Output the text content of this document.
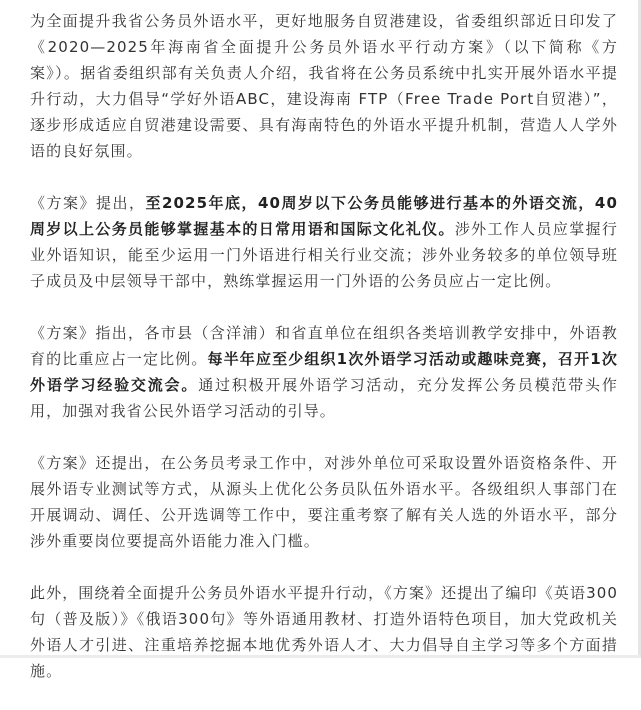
为全面提升我省公务员外语水平，更好地服务自贸港建设，省委组织部近日印发了《2020—2025年海南省全面提升公务员外语水平行动方案》（以下简称《方案》）。据省委组织部有关负责人介绍，我省将在公务员系统中扎实开展外语水平提升行动，大力倡导“学好外语ABC，建设海南 FTP（Free Trade Port自贸港）”，逐步形成适应自贸港建设需要、具有海南特色的外语水平提升机制，营造人人学外语的良好氛围。

《方案》提出，至2025年底，40周岁以下公务员能够进行基本的外语交流，40周岁以上公务员能够掌握基本的日常用语和国际文化礼仪。涉外工作人员应掌握行业外语知识，能至少运用一门外语进行相关行业交流；涉外业务较多的单位领导班子成员及中层领导干部中，熟练掌握运用一门外语的公务员应占一定比例。

《方案》指出，各市县（含洋浦）和省直单位在组织各类培训教学安排中，外语教育的比重应占一定比例。每半年应至少组织1次外语学习活动或趣味竞赛，召开1次外语学习经验交流会。通过积极开展外语学习活动，充分发挥公务员模范带头作用，加强对我省公民外语学习活动的引导。

《方案》还提出，在公务员考录工作中，对涉外单位可采取设置外语资格条件、开展外语专业测试等方式，从源头上优化公务员队伍外语水平。各级组织人事部门在开展调动、调任、公开选调等工作中，要注重考察了解有关人选的外语水平，部分涉外重要岗位要提高外语能力准入门槛。

此外，围绕着全面提升公务员外语水平提升行动，《方案》还提出了编印《英语300句（普及版）》《俄语300句》等外语通用教材、打造外语特色项目，加大党政机关外语人才引进、注重培养挖掘本地优秀外语人才、大力倡导自主学习等多个方面措施。
